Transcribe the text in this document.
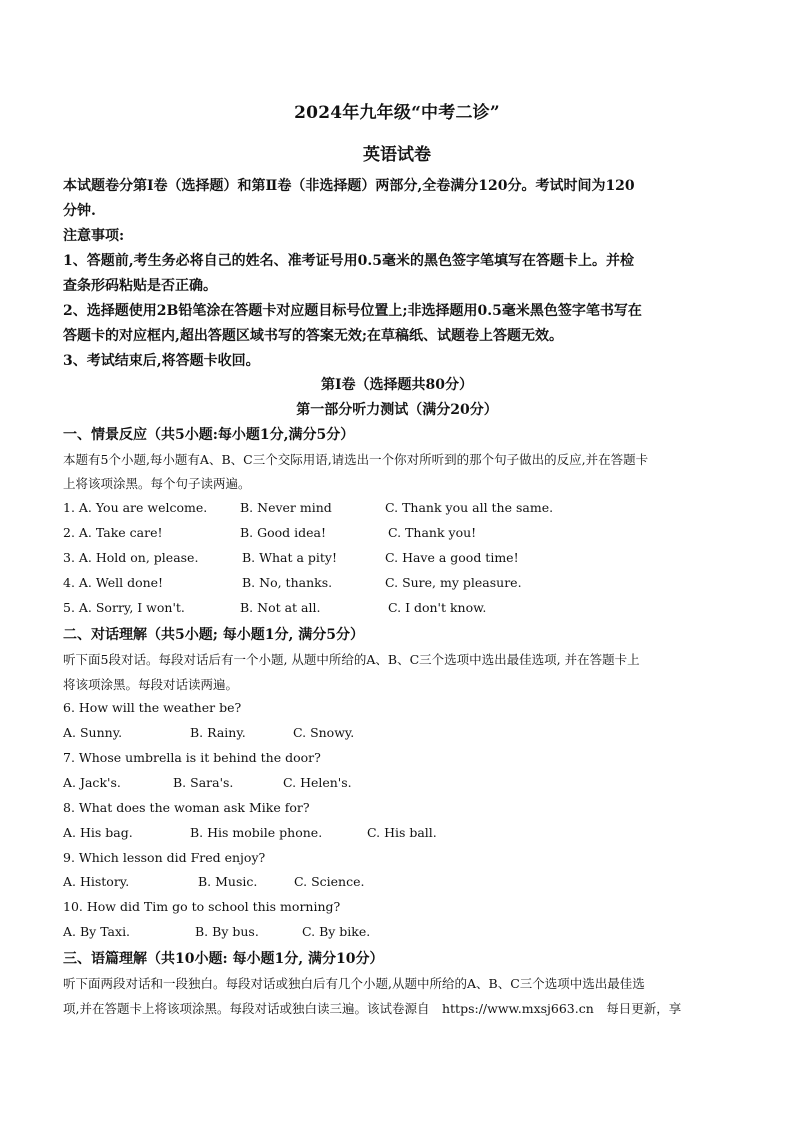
2024年九年级“中考二诊”
英语试卷
本试题卷分第Ⅰ卷（选择题）和第Ⅱ卷（非选择题）两部分,全卷满分120分。考试时间为120
分钟.
注意事项:
1、答题前,考生务必将自己的姓名、准考证号用0.5毫米的黑色签字笔填写在答题卡上。并检
查条形码粘贴是否正确。
2、选择题使用2B铅笔涂在答题卡对应题目标号位置上;非选择题用0.5毫米黑色签字笔书写在
答题卡的对应框内,超出答题区域书写的答案无效;在草稿纸、试题卷上答题无效。
3、考试结束后,将答题卡收回。
第Ⅰ卷（选择题共80分）
第一部分听力测试（满分20分）
一、情景反应（共5小题:每小题1分,满分5分）
本题有5个小题,每小题有A、B、C三个交际用语,请选出一个你对所听到的那个句子做出的反应,并在答题卡
上将该项涂黑。每个句子读两遍。
1. A. You are welcome.	B. Never mind	C. Thank you all the same.
2. A. Take care!	B. Good idea!	C. Thank you!
3. A. Hold on, please.	B. What a pity!	C. Have a good time!
4. A. Well done!	B. No, thanks.	C. Sure, my pleasure.
5. A. Sorry, I won't.	B. Not at all.	C. I don't know.
二、对话理解（共5小题; 每小题1分, 满分5分）
听下面5段对话。每段对话后有一个小题, 从题中所给的A、B、C三个选项中选出最佳选项, 并在答题卡上
将该项涂黑。每段对话读两遍。
6. How will the weather be?
A. Sunny.	B. Rainy.	C. Snowy.
7. Whose umbrella is it behind the door?
A. Jack's.	B. Sara's.	C. Helen's.
8. What does the woman ask Mike for?
A. His bag.	B. His mobile phone.	C. His ball.
9. Which lesson did Fred enjoy?
A. History.	B. Music.	C. Science.
10. How did Tim go to school this morning?
A. By Taxi.	B. By bus.	C. By bike.
三、语篇理解（共10小题: 每小题1分, 满分10分）
听下面两段对话和一段独白。每段对话或独白后有几个小题,从题中所给的A、B、C三个选项中选出最佳选
项,并在答题卡上将该项涂黑。每段对话或独白读三遍。该试卷源自　https://www.mxsj663.cn　每日更新，享
